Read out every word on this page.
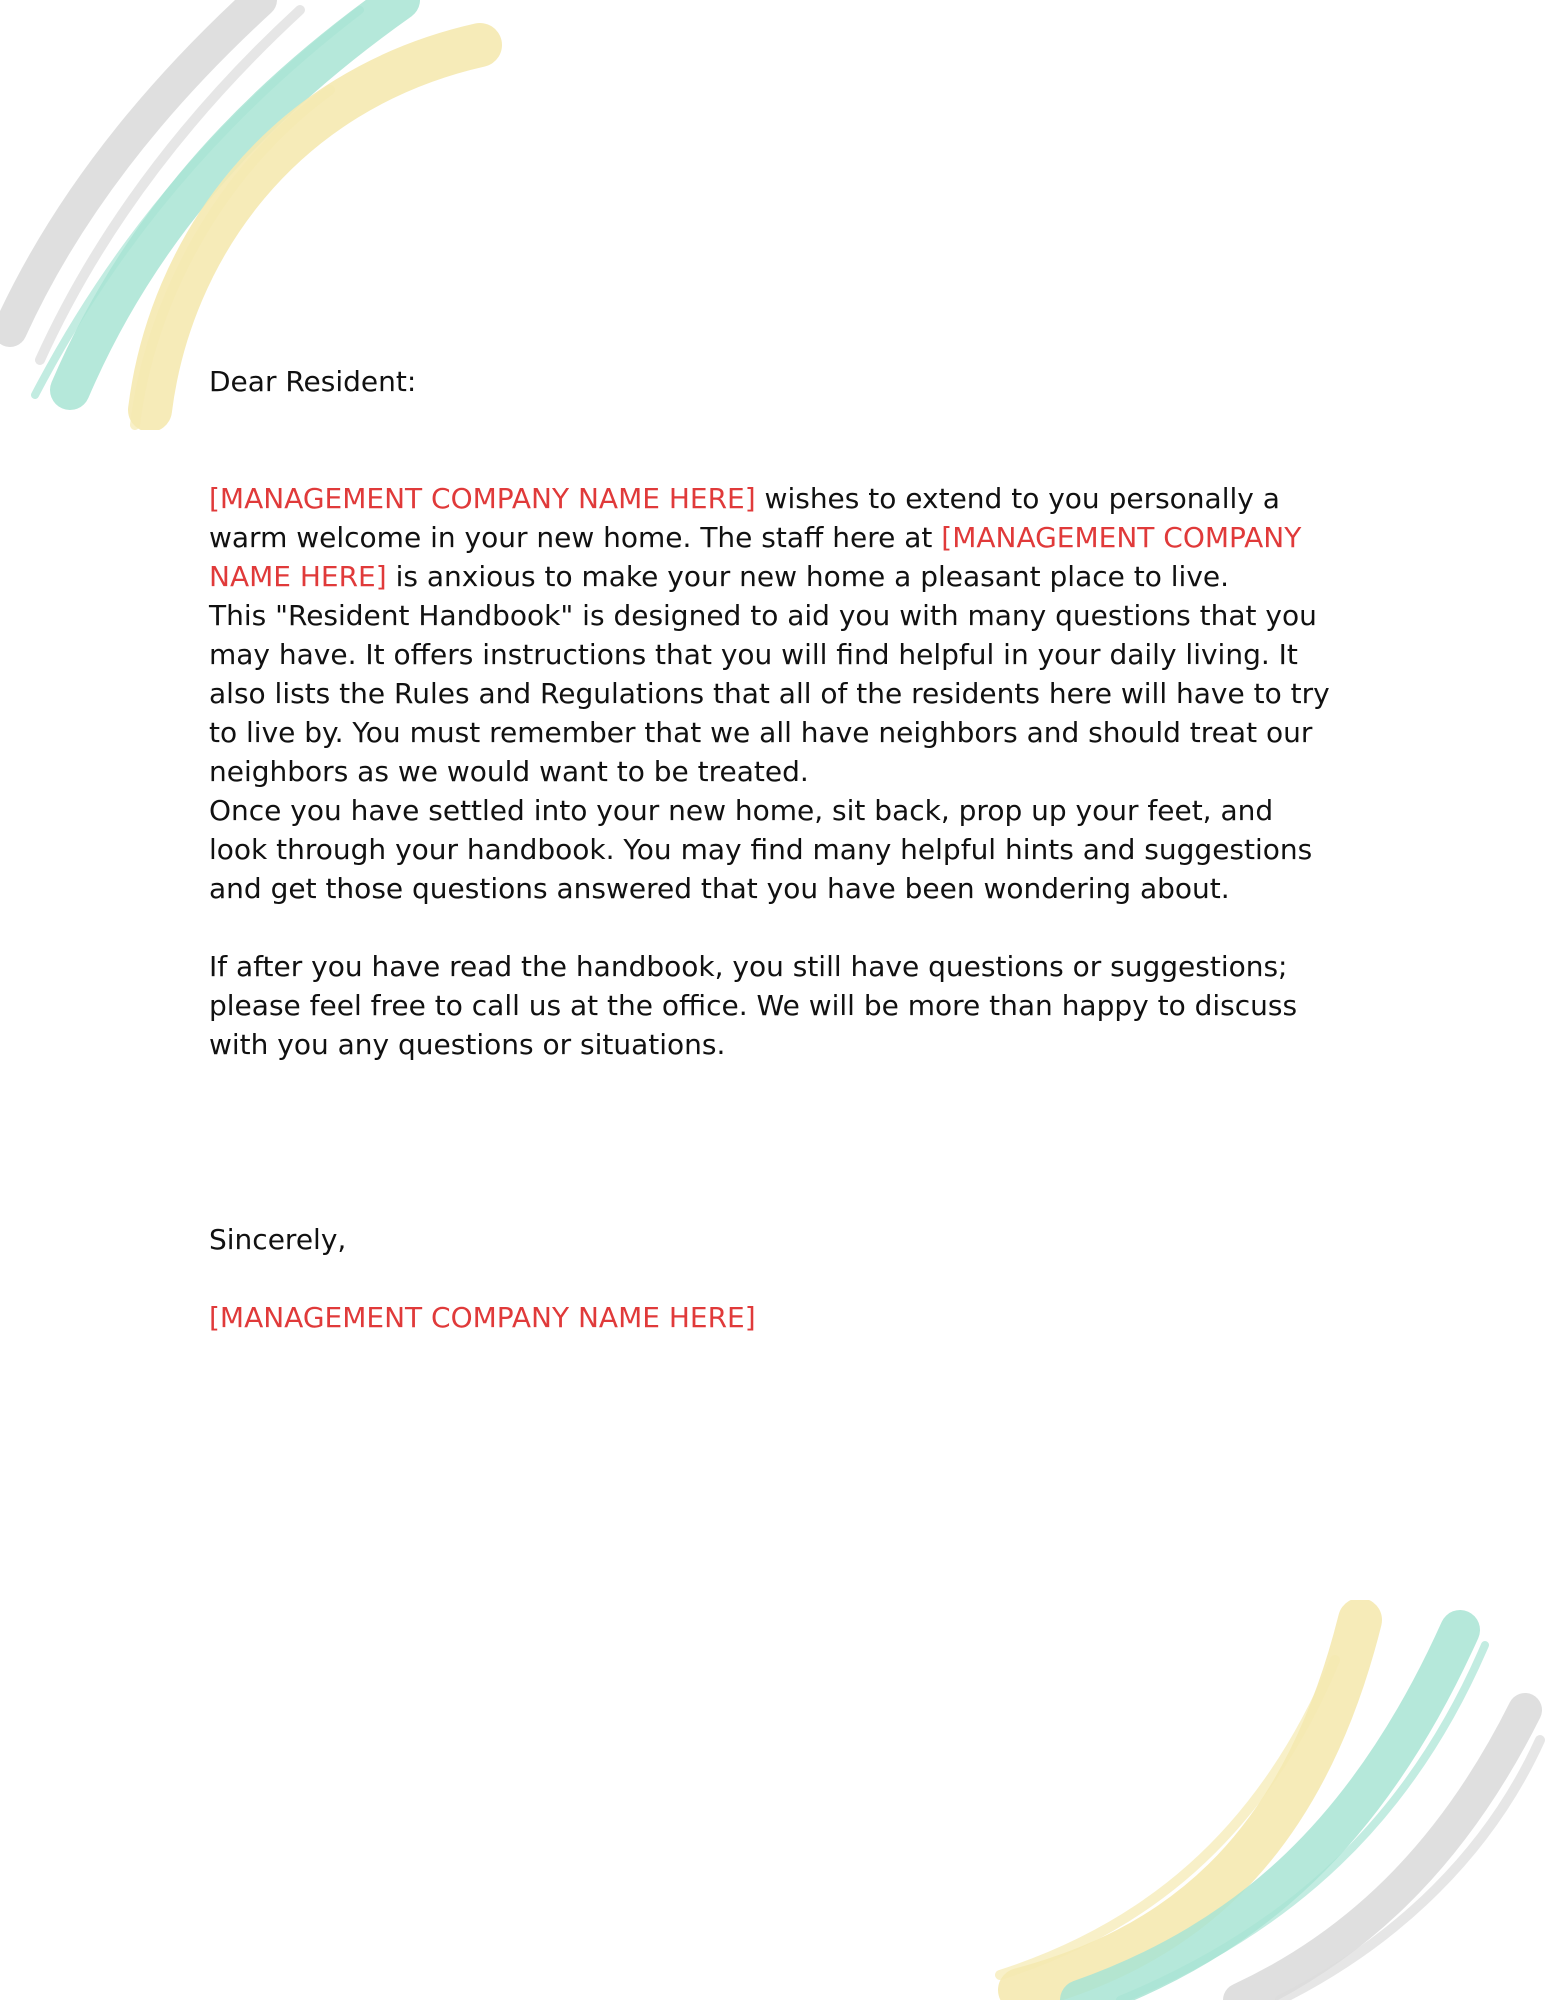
Dear Resident:

[MANAGEMENT COMPANY NAME HERE] wishes to extend to you personally a warm welcome in your new home. The staff here at [MANAGEMENT COMPANY NAME HERE] is anxious to make your new home a pleasant place to live.

This "Resident Handbook" is designed to aid you with many questions that you may have. It offers instructions that you will find helpful in your daily living. It also lists the Rules and Regulations that all of the residents here will have to try to live by. You must remember that we all have neighbors and should treat our neighbors as we would want to be treated.

Once you have settled into your new home, sit back, prop up your feet, and look through your handbook. You may find many helpful hints and suggestions and get those questions answered that you have been wondering about.

If after you have read the handbook, you still have questions or suggestions; please feel free to call us at the office. We will be more than happy to discuss with you any questions or situations.

Sincerely,

[MANAGEMENT COMPANY NAME HERE]
